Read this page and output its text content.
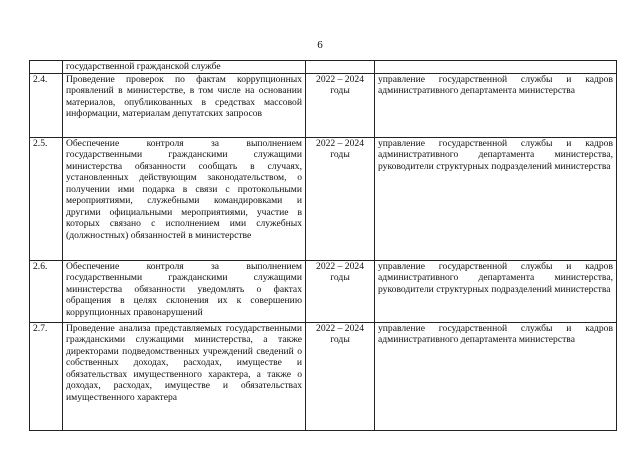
6
	государственной гражданской службе		
2.4.	Проведение проверок по фактам коррупционных проявлений в министерстве, в том числе на основании материалов, опубликованных в средствах массовой информации, материалам депутатских запросов	2022 – 2024 годы	управление государственной службы и кадров административного департамента министерства
2.5.	Обеспечение контроля за выполнением государственными гражданскими служащими министерства обязанности сообщать в случаях, установленных действующим законодательством, о получении ими подарка в связи с протокольными мероприятиями, служебными командировками и другими официальными мероприятиями, участие в которых связано с исполнением ими служебных (должностных) обязанностей в министерстве	2022 – 2024 годы	управление государственной службы и кадров административного департамента министерства, руководители структурных подразделений министерства
2.6.	Обеспечение контроля за выполнением государственными гражданскими служащими министерства обязанности уведомлять о фактах обращения в целях склонения их к совершению коррупционных правонарушений	2022 – 2024 годы	управление государственной службы и кадров административного департамента министерства, руководители структурных подразделений министерства
2.7.	Проведение анализа представляемых государственными гражданскими служащими министерства, а также директорами подведомственных учреждений сведений о собственных доходах, расходах, имуществе и обязательствах имущественного характера, а также о доходах, расходах, имуществе и обязательствах имущественного характера	2022 – 2024 годы	управление государственной службы и кадров административного департамента министерства
